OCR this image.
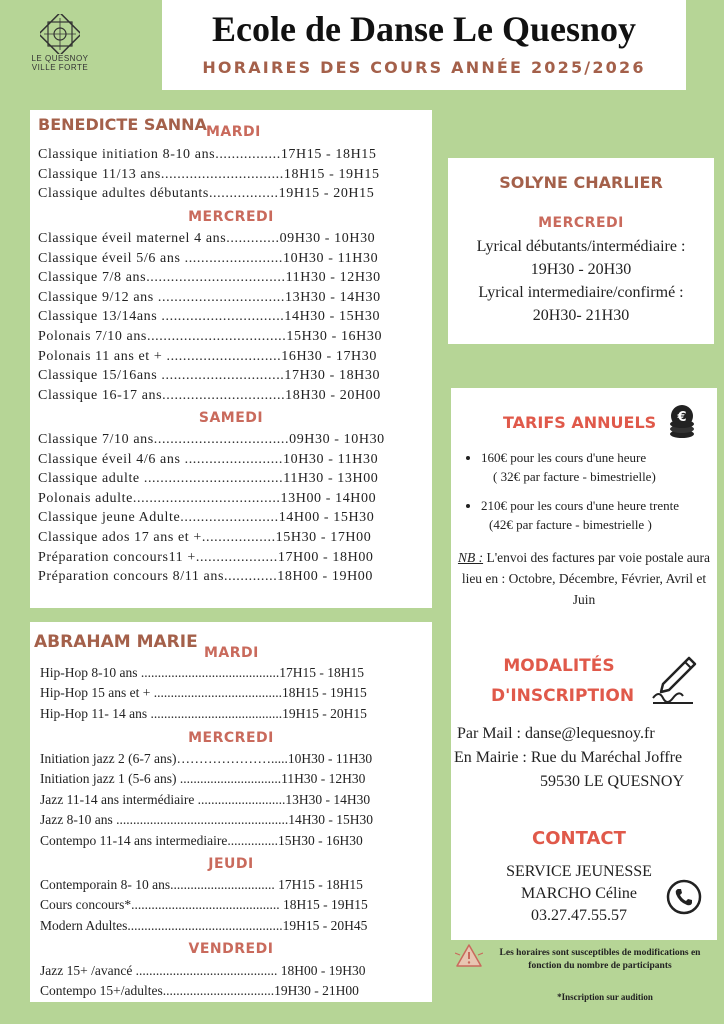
LE QUESNOY
VILLE FORTE
Ecole de Danse Le Quesnoy
HORAIRES DES COURS ANNÉE 2025/2026
BENEDICTE SANNA MARDI
Classique initiation 8-10 ans................17H15 - 18H15
Classique 11/13 ans..............................18H15 - 19H15
Classique adultes débutants.................19H15 - 20H15
MERCREDI
Classique éveil maternel 4 ans.............09H30 - 10H30
Classique éveil 5/6 ans ........................10H30 - 11H30
Classique 7/8 ans..................................11H30 - 12H30
Classique 9/12 ans ...............................13H30 - 14H30
Classique 13/14ans ..............................14H30 - 15H30
Polonais 7/10 ans..................................15H30 - 16H30
Polonais 11 ans et + ............................16H30 - 17H30
Classique 15/16ans ..............................17H30 - 18H30
Classique 16-17 ans..............................18H30 - 20H00
SAMEDI
Classique 7/10 ans.................................09H30 - 10H30
Classique éveil 4/6 ans ........................10H30 - 11H30
Classique adulte ..................................11H30 - 13H00
Polonais adulte....................................13H00 - 14H00
Classique jeune Adulte........................14H00 - 15H30
Classique ados 17 ans et +..................15H30 - 17H00
Préparation concours11 +....................17H00 - 18H00
Préparation concours 8/11 ans.............18H00 - 19H00
ABRAHAM MARIE
MARDI
Hip-Hop 8-10 ans .........................................17H15 - 18H15
Hip-Hop 15 ans et + ......................................18H15 - 19H15
Hip-Hop 11- 14 ans .......................................19H15 - 20H15
MERCREDI
Initiation jazz 2 (6-7 ans)………………….....10H30 - 11H30
Initiation jazz 1 (5-6 ans) ..............................11H30 - 12H30
Jazz 11-14 ans intermédiaire ..........................13H30 - 14H30
Jazz 8-10 ans ...................................................14H30 - 15H30
Contempo 11-14 ans intermediaire...............15H30 - 16H30
JEUDI
Contemporain 8- 10 ans............................... 17H15 - 18H15
Cours concours*............................................ 18H15 - 19H15
Modern Adultes..............................................19H15 - 20H45
VENDREDI
Jazz 15+ /avancé .......................................... 18H00 - 19H30
Contempo 15+/adultes.................................19H30 - 21H00
SOLYNE CHARLIER
MERCREDI
Lyrical débutants/intermédiaire :
19H30 - 20H30
Lyrical intermediaire/confirmé :
20H30- 21H30
TARIFS ANNUELS €
• 160€ pour les cours d'une heure
( 32€ par facture - bimestrielle)
• 210€ pour les cours d'une heure trente
(42€ par facture - bimestrielle )
NB : L'envoi des factures par voie postale aura lieu en : Octobre, Décembre, Février, Avril et Juin
MODALITÉS
D'INSCRIPTION
Par Mail : danse@lequesnoy.fr
En Mairie : Rue du Maréchal Joffre
59530 LE QUESNOY
CONTACT
SERVICE JEUNESSE
MARCHO Céline
03.27.47.55.57
Les horaires sont susceptibles de modifications en fonction du nombre de participants
*Inscription sur audition
